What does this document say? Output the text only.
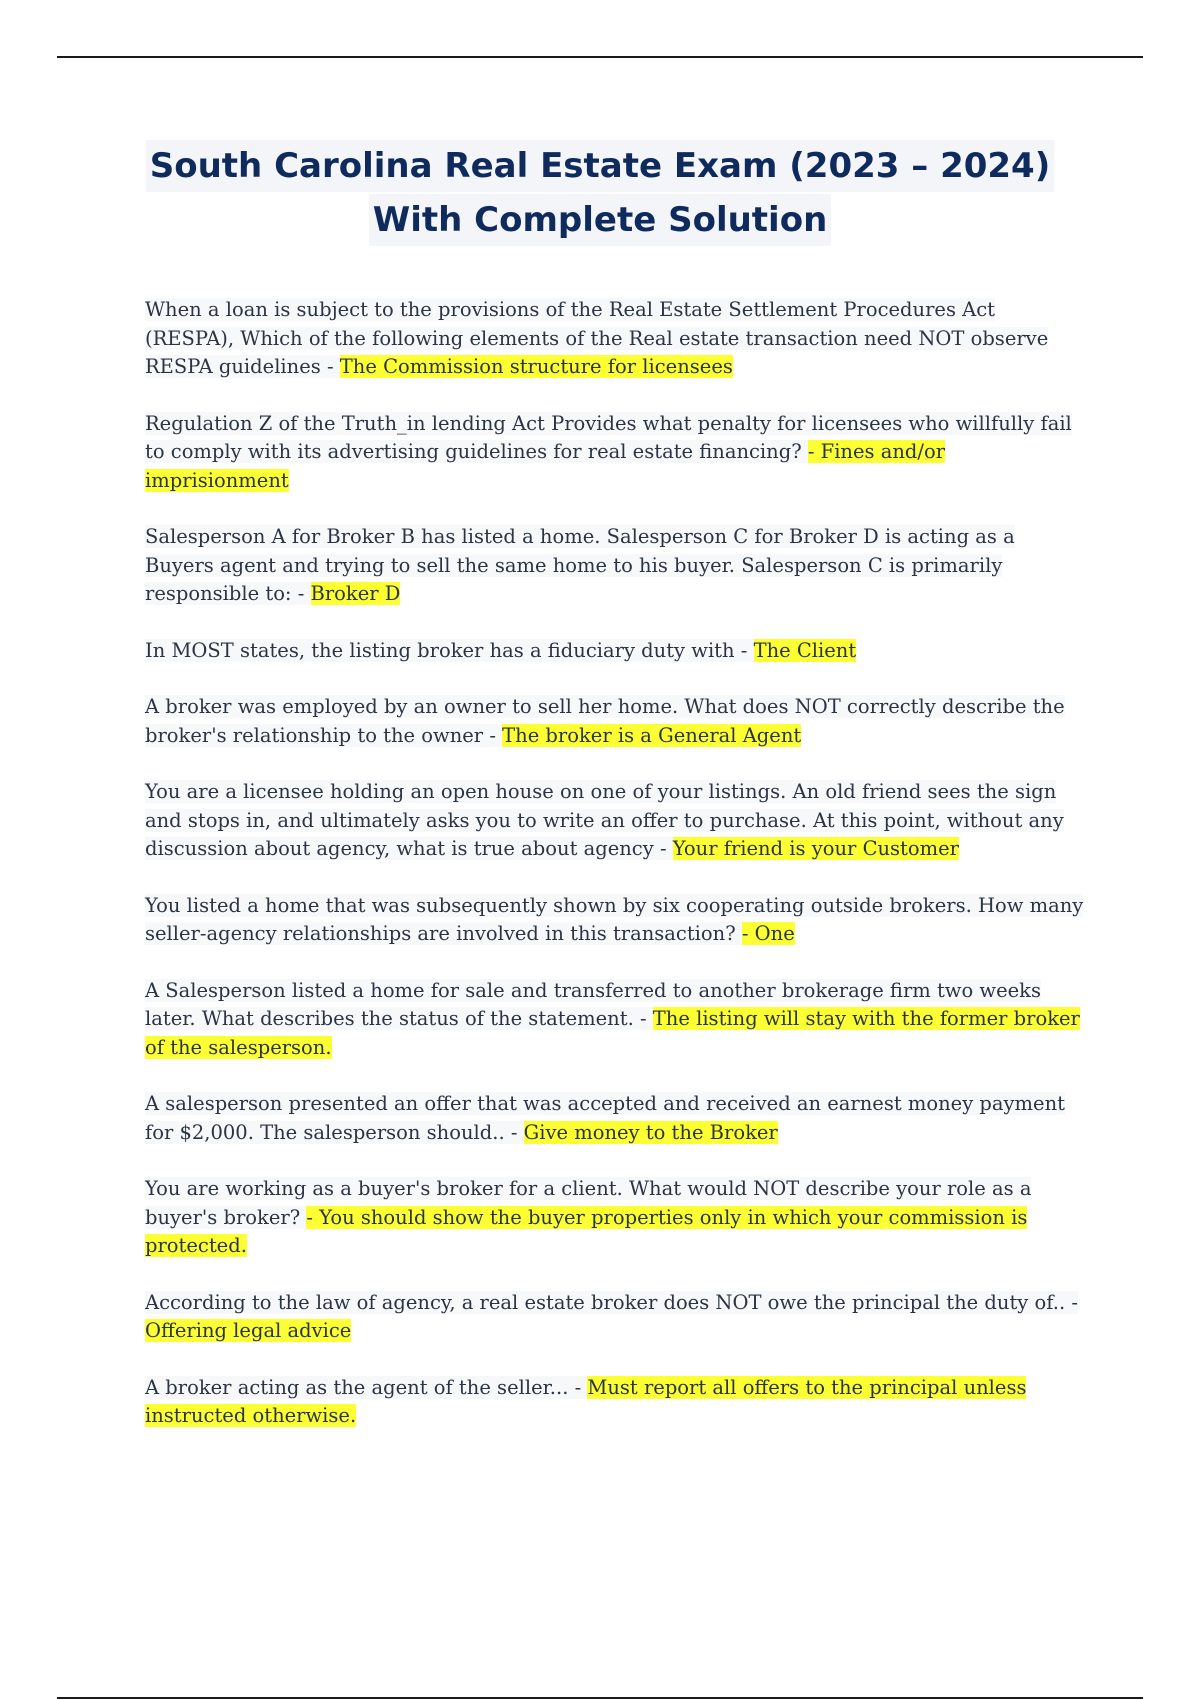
South Carolina Real Estate Exam (2023 – 2024)
With Complete Solution

When a loan is subject to the provisions of the Real Estate Settlement Procedures Act (RESPA), Which of the following elements of the Real estate transaction need NOT observe RESPA guidelines - The Commission structure for licensees

Regulation Z of the Truth_in lending Act Provides what penalty for licensees who willfully fail to comply with its advertising guidelines for real estate financing? - Fines and/or imprisionment

Salesperson A for Broker B has listed a home. Salesperson C for Broker D is acting as a Buyers agent and trying to sell the same home to his buyer. Salesperson C is primarily responsible to: - Broker D

In MOST states, the listing broker has a fiduciary duty with - The Client

A broker was employed by an owner to sell her home. What does NOT correctly describe the broker's relationship to the owner - The broker is a General Agent

You are a licensee holding an open house on one of your listings. An old friend sees the sign and stops in, and ultimately asks you to write an offer to purchase. At this point, without any discussion about agency, what is true about agency - Your friend is your Customer

You listed a home that was subsequently shown by six cooperating outside brokers. How many seller-agency relationships are involved in this transaction? - One

A Salesperson listed a home for sale and transferred to another brokerage firm two weeks later. What describes the status of the statement. - The listing will stay with the former broker of the salesperson.

A salesperson presented an offer that was accepted and received an earnest money payment for $2,000. The salesperson should.. - Give money to the Broker

You are working as a buyer's broker for a client. What would NOT describe your role as a buyer's broker? - You should show the buyer properties only in which your commission is protected.

According to the law of agency, a real estate broker does NOT owe the principal the duty of.. - Offering legal advice

A broker acting as the agent of the seller... - Must report all offers to the principal unless instructed otherwise.
